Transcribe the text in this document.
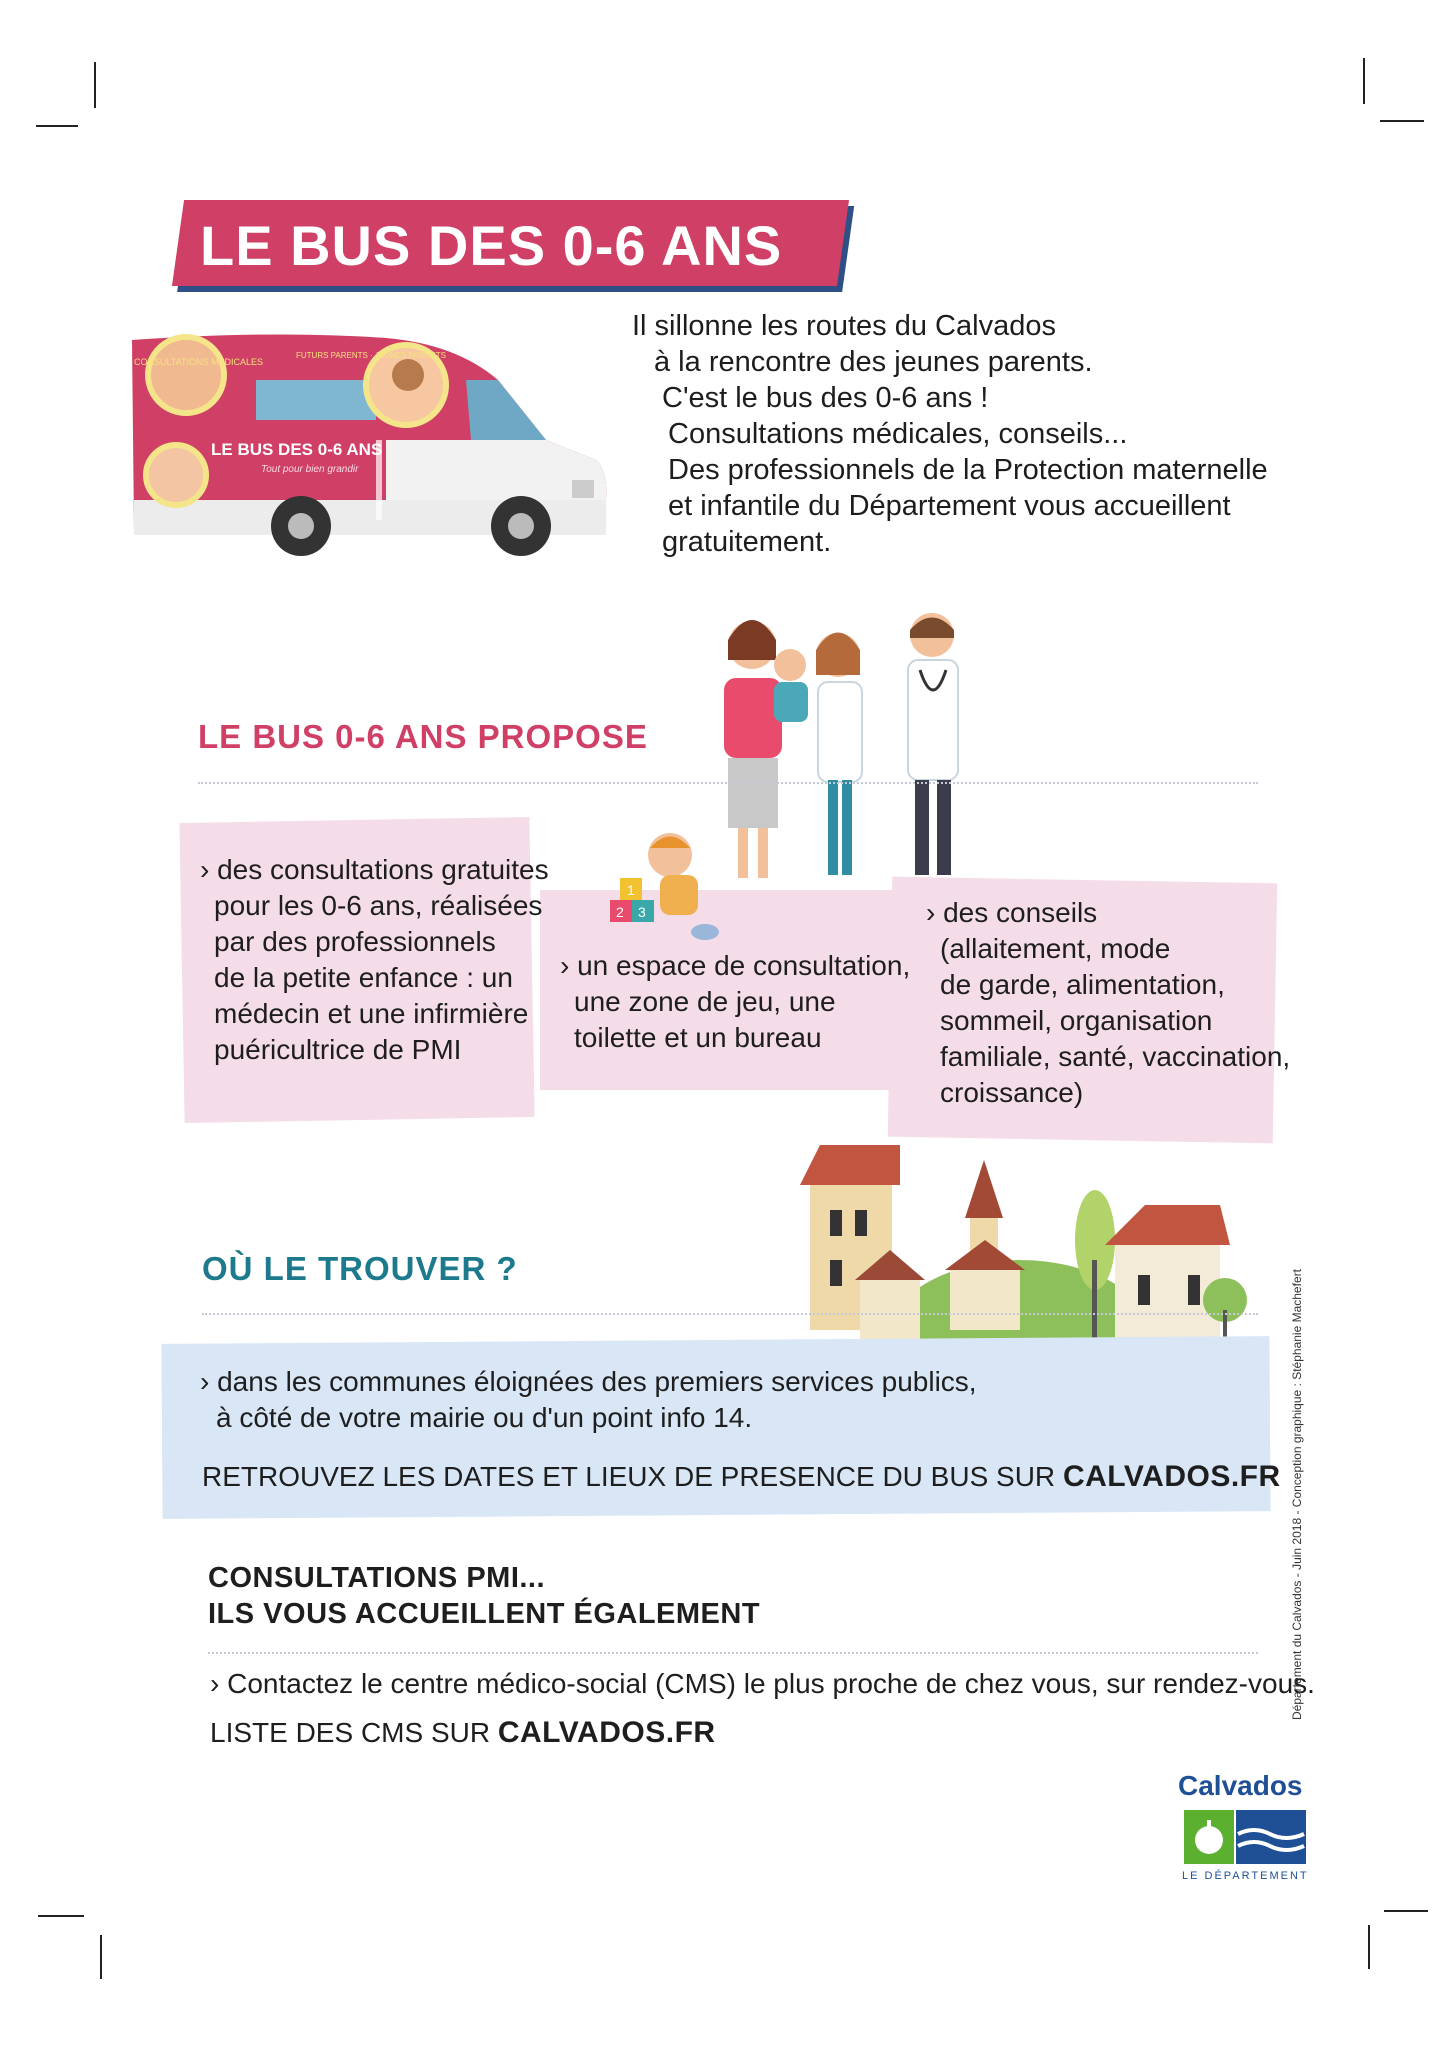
LE BUS DES 0-6 ANS
CONSULTATIONS MÉDICALES
FUTURS PARENTS · JEUNES PARENTS
LE BUS DES 0-6 ANS
Tout pour bien grandir
Il sillonne les routes du Calvados
à la rencontre des jeunes parents.
C'est le bus des 0-6 ans !
Consultations médicales, conseils...
Des professionnels de la Protection maternelle
et infantile du Département vous accueillent
gratuitement.
LE BUS 0-6 ANS PROPOSE
1
2 3
› des consultations gratuites
pour les 0-6 ans, réalisées
par des professionnels
de la petite enfance : un
médecin et une infirmière
puéricultrice de PMI
› un espace de consultation,
une zone de jeu, une
toilette et un bureau
› des conseils
(allaitement, mode
de garde, alimentation,
sommeil, organisation
familiale, santé, vaccination,
croissance)
OÙ LE TROUVER ?
› dans les communes éloignées des premiers services publics,
à côté de votre mairie ou d'un point info 14.
RETROUVEZ LES DATES ET LIEUX DE PRESENCE DU BUS SUR CALVADOS.FR
CONSULTATIONS PMI...
ILS VOUS ACCUEILLENT ÉGALEMENT
› Contactez le centre médico-social (CMS) le plus proche de chez vous, sur rendez-vous.
LISTE DES CMS SUR CALVADOS.FR
Département du Calvados - Juin 2018 - Conception graphique : Stéphanie Machefert
Calvados
LE DÉPARTEMENT
